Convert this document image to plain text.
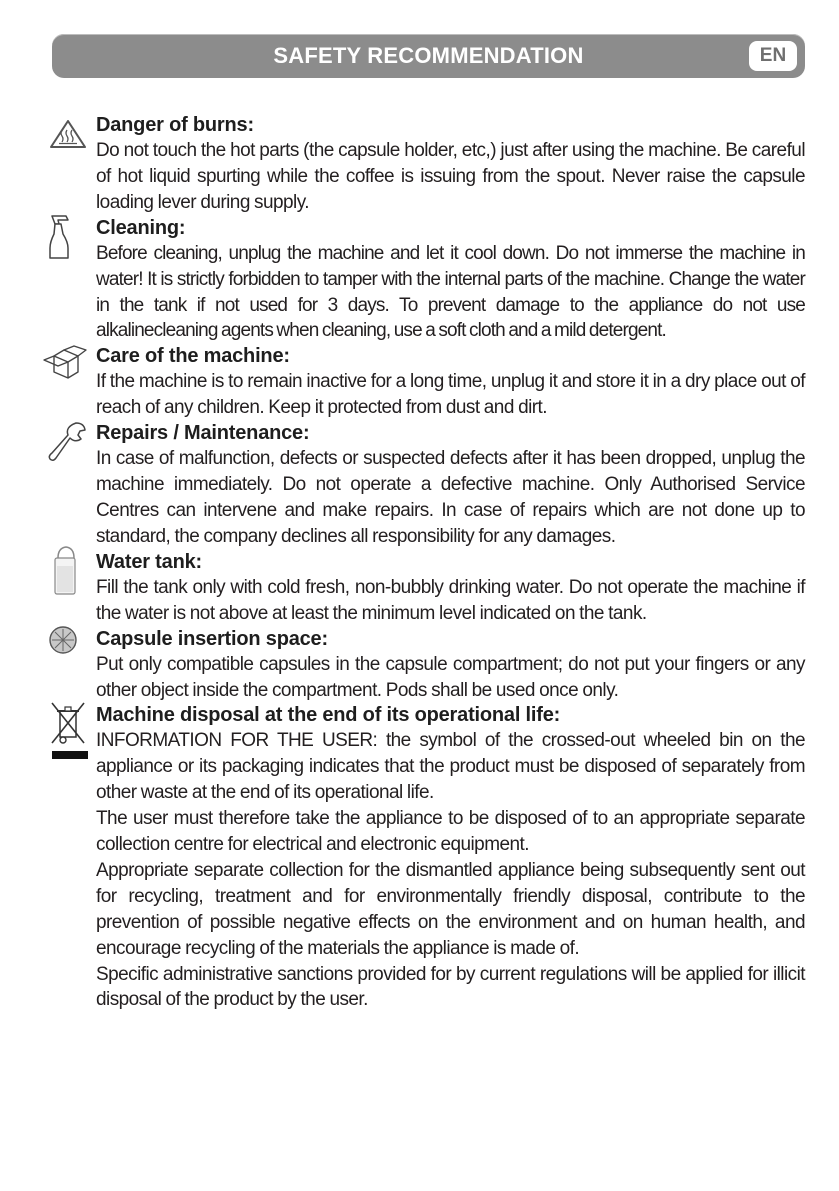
SAFETY RECOMMENDATION	EN
Danger of burns:

Do not touch the hot parts (the capsule holder, etc,) just after using the machine. Be careful of hot liquid spurting while the coffee is issuing from the spout. Never raise the capsule loading lever during supply.

Cleaning:

Before cleaning, unplug the machine and let it cool down. Do not immerse the machine in water! It is strictly forbidden to tamper with the internal parts of the machine. Change the water in the tank if not used for 3 days. To prevent damage to the appliance do not use alkalinecleaning agents when cleaning, use a soft cloth and a mild detergent.

Care of the machine:

If the machine is to remain inactive for a long time, unplug it and store it in a dry place out of reach of any children. Keep it protected from dust and dirt.

Repairs / Maintenance:

In case of malfunction, defects or suspected defects after it has been dropped, unplug the machine immediately. Do not operate a defective machine. Only Authorised Service Centres can intervene and make repairs. In case of repairs which are not done up to standard, the company declines all responsibility for any damages.

Water tank:

Fill the tank only with cold fresh, non-bubbly drinking water. Do not operate the machine if the water is not above at least the minimum level indicated on the tank.

Capsule insertion space:

Put only compatible capsules in the capsule compartment; do not put your fingers or any other object inside the compartment. Pods shall be used once only.

Machine disposal at the end of its operational life:

INFORMATION FOR THE USER: the symbol of the crossed-out wheeled bin on the appliance or its packaging indicates that the product must be disposed of separately from other waste at the end of its operational life.

The user must therefore take the appliance to be disposed of to an appropriate separate collection centre for electrical and electronic equipment.

Appropriate separate collection for the dismantled appliance being subsequently sent out for recycling, treatment and for environmentally friendly disposal, contribute to the prevention of possible negative effects on the environment and on human health, and encourage recycling of the materials the appliance is made of.

Specific administrative sanctions provided for by current regulations will be applied for illicit disposal of the product by the user.
